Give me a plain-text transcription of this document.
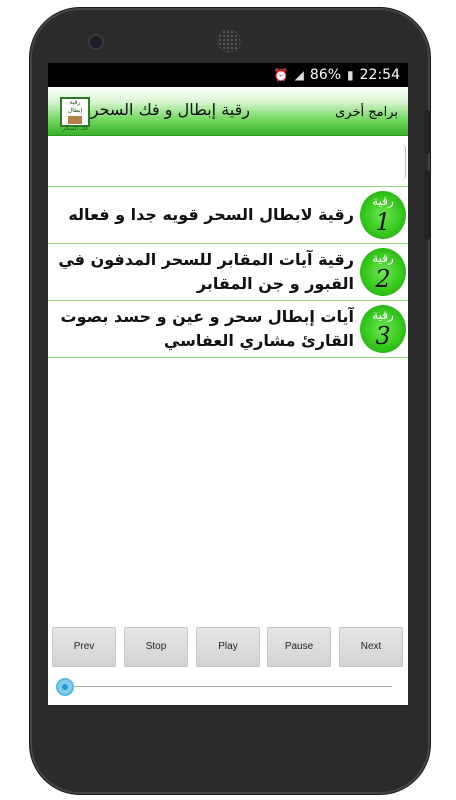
⏰ ◢ 86% ▮ 22:54
برامج أخرى
رقية إبطال و فك السحر
رقية إبطال
فك السحر
رقية
1
رقية لابطال السحر قويه جدا و فعاله
رقية
2
رقية آيات المقابر للسحر المدفون في القبور و جن المقابر
رقية
3
آيات إبطال سحر و عين و حسد بصوت القارئ مشاري العفاسي
Prev	Stop	Play	Pause	Next
